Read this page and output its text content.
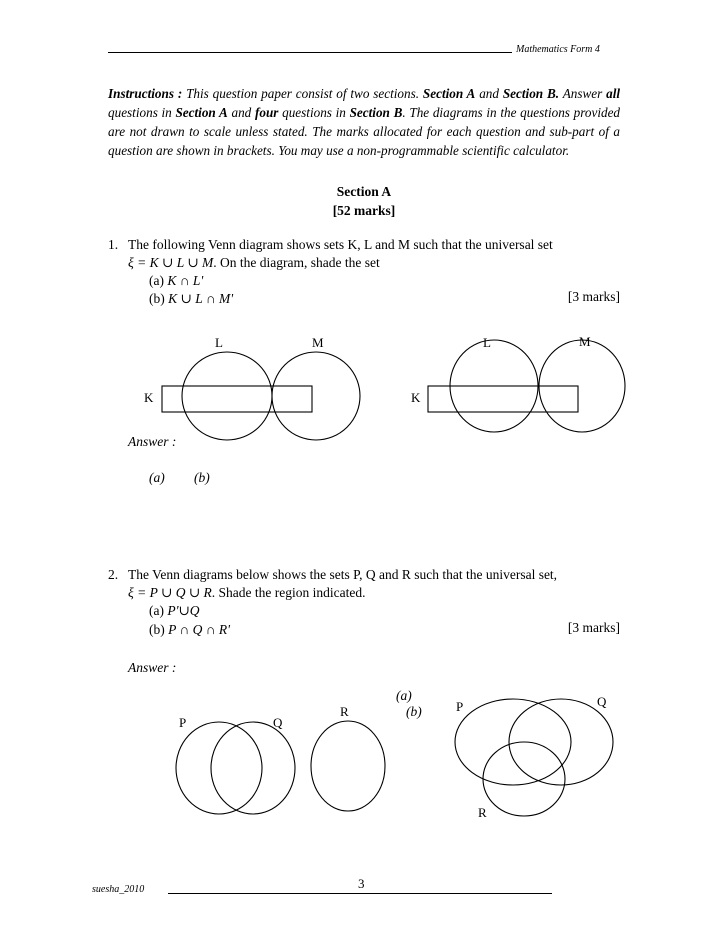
Mathematics Form 4
Instructions : This question paper consist of two sections. Section A and Section B. Answer all questions in Section A and four questions in Section B. The diagrams in the questions provided are not drawn to scale unless stated. The marks allocated for each question and sub-part of a question are shown in brackets. You may use a non-programmable scientific calculator.
Section A
[52 marks]
1. The following Venn diagram shows sets K, L and M such that the universal set
ξ = K ∪ L ∪ M. On the diagram, shade the set
(a) K ∩ L'
(b) K ∪ L ∩ M'	[3 marks]
K
L	M
K
L	M
Answer :
(a) (b)
2. The Venn diagrams below shows the sets P, Q and R such that the universal set,
ξ = P ∪ Q ∪ R. Shade the region indicated.
(a) P'∪Q
(b) P ∩ Q ∩ R'	[3 marks]
Answer :
(a)
(b)
P	Q
R	P	Q
R
3
suesha_2010
